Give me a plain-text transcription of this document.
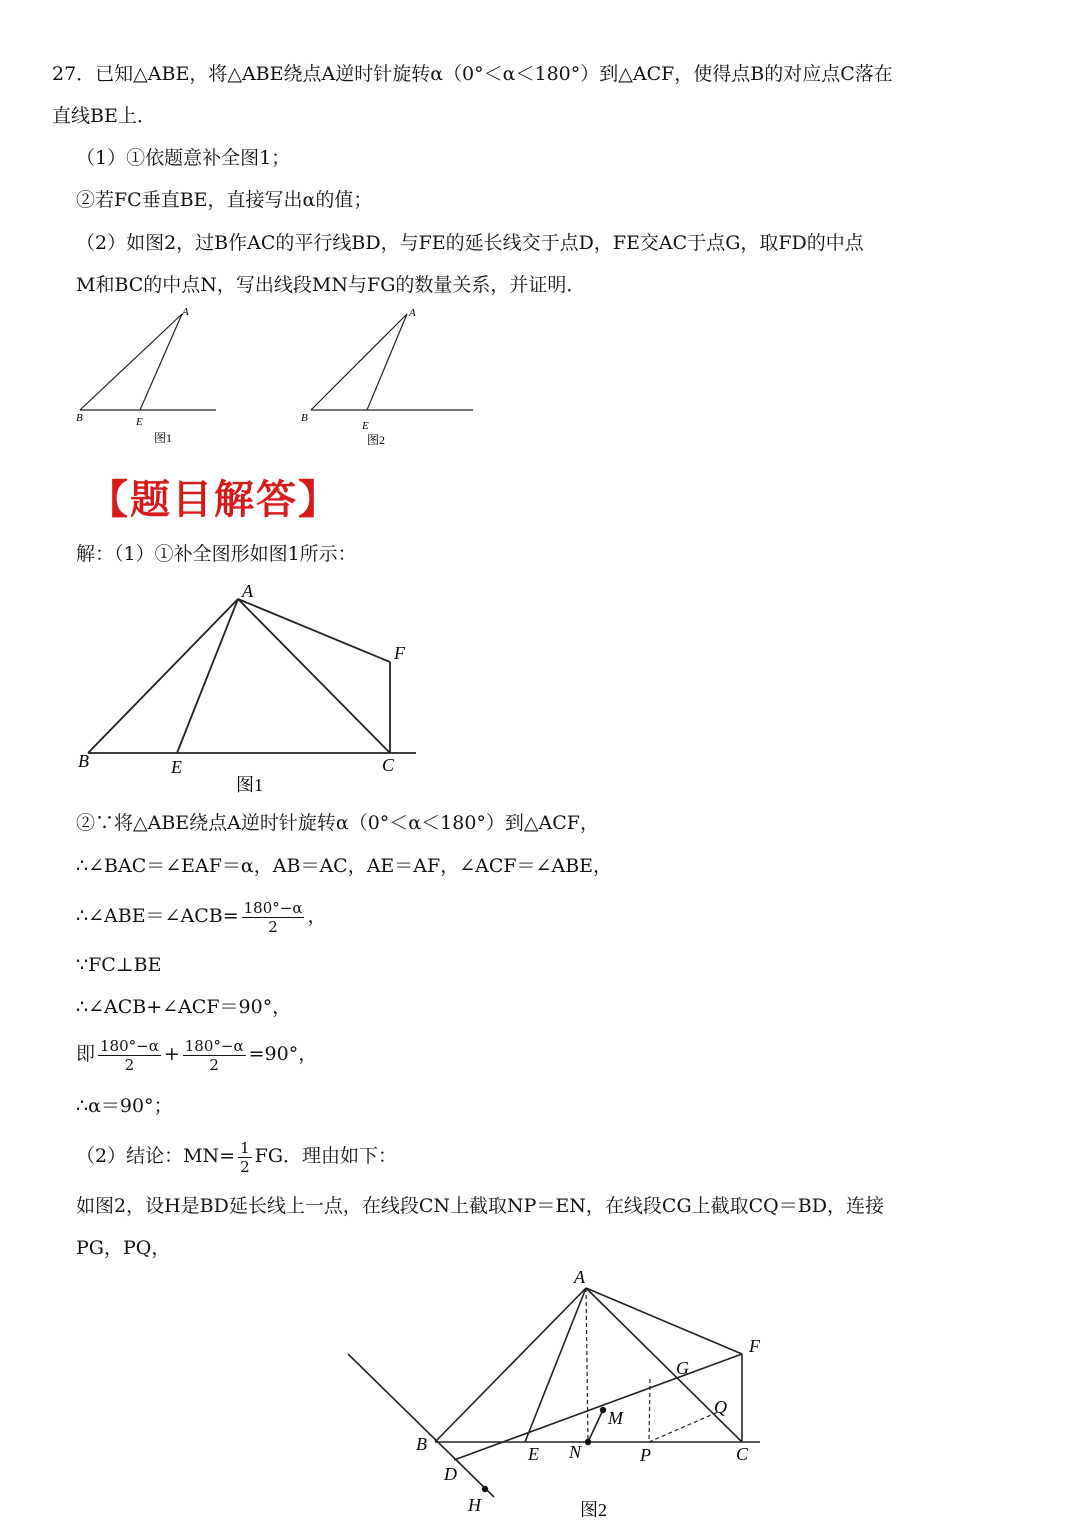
27．已知△ABE，将△ABE绕点A逆时针旋转α（0°＜α＜180°）到△ACF，使得点B的对应点C落在
直线BE上．
（1）①依题意补全图1；
②若FC垂直BE，直接写出α的值；
（2）如图2，过B作AC的平行线BD，与FE的延长线交于点D，FE交AC于点G，取FD的中点
M和BC的中点N，写出线段MN与FG的数量关系，并证明．
A
B	E
图1
A
B
E
图2
【题目解答】
解：（1）①补全图形如图1所示：
A
F
B	E	C
图1
②∵将△ABE绕点A逆时针旋转α（0°＜α＜180°）到△ACF，
∴∠BAC＝∠EAF＝α，AB＝AC，AE＝AF，∠ACF＝∠ABE，
∴∠ABE＝∠ACB= $\frac{180^\circ-\alpha}{2}$ ，
∵FC⊥BE
∴∠ACB+∠ACF＝90°，
即 $\frac{180^\circ-\alpha}{2} + \frac{180^\circ-\alpha}{2} =90^\circ$，
∴α＝90°；
（2）结论：$MN= \frac{1}{2}$ FG．理由如下：
如图2，设H是BD延长线上一点，在线段CN上截取NP＝EN，在线段CG上截取CQ＝BD，连接
PG，PQ，
A
F
G
Q
M
B	E N	P	C
D
H	图2
